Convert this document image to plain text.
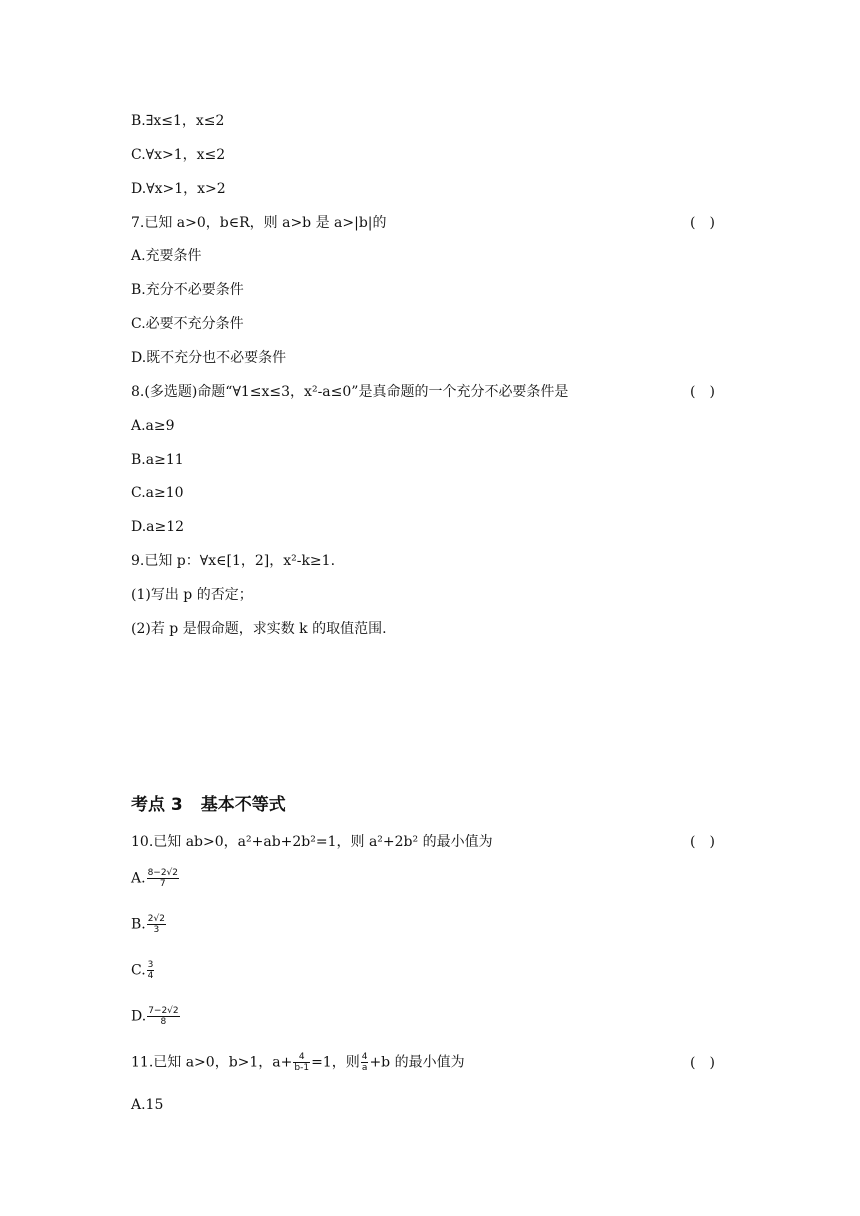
B.∃x≤1，x≤2
C.∀x>1，x≤2
D.∀x>1，x>2
7.已知 a>0，b∈R，则 a>b 是 a>|b|的	(　)
A.充要条件
B.充分不必要条件
C.必要不充分条件
D.既不充分也不必要条件
8.(多选题)命题“∀1≤x≤3，x²-a≤0”是真命题的一个充分不必要条件是	(　)
A.a≥9
B.a≥11
C.a≥10
D.a≥12
9.已知 p：∀x∈[1，2]，x²-k≥1.
(1)写出 p 的否定；
(2)若 p 是假命题，求实数 k 的取值范围.
考点 3 基本不等式
10.已知 ab>0，a²+ab+2b²=1，则 a²+2b² 的最小值为	(　)
A. $\frac{8-2√2}{7}$
B. $\frac{2√2}{3}$
C. $\frac{3}{4}$
D. $\frac{7-2√2}{8}$
11.已知 a>0，b>1，$a+ \frac{4}{b-1} =1$，则 $\frac{4}{a} +b$ 的最小值为	(　)
A.15
